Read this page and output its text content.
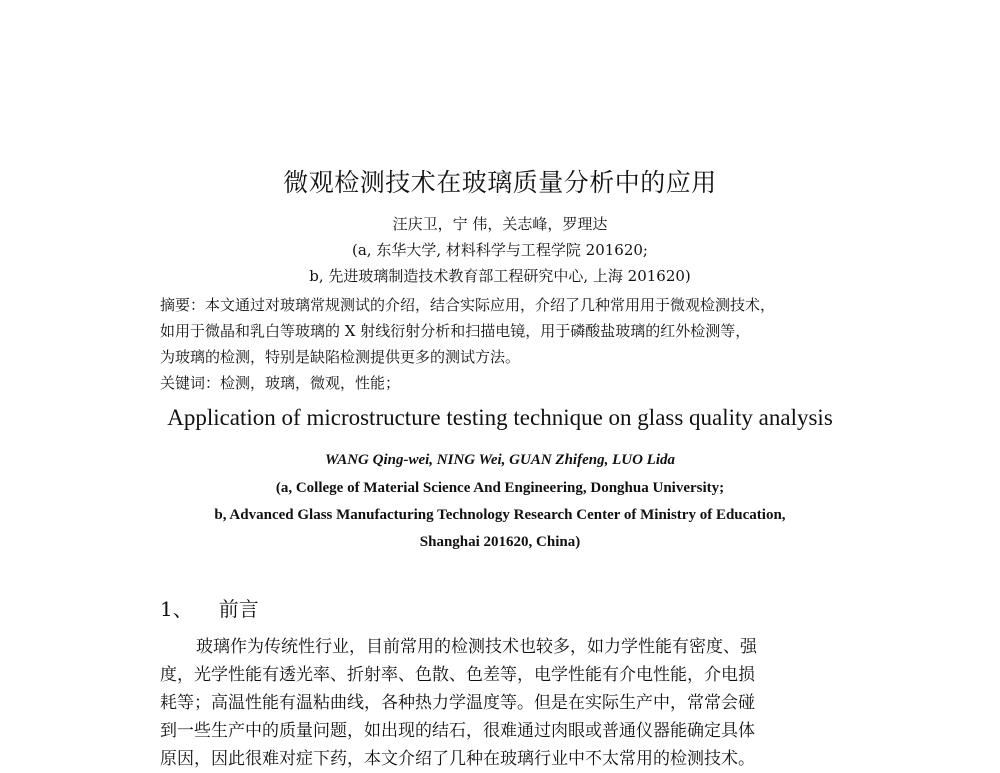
微观检测技术在玻璃质量分析中的应用
汪庆卫，宁 伟，关志峰，罗理达
(a, 东华大学, 材料科学与工程学院 201620;
b, 先进玻璃制造技术教育部工程研究中心, 上海 201620)
摘要：本文通过对玻璃常规测试的介绍，结合实际应用，介绍了几种常用用于微观检测技术，
如用于微晶和乳白等玻璃的 X 射线衍射分析和扫描电镜，用于磷酸盐玻璃的红外检测等，
为玻璃的检测，特别是缺陷检测提供更多的测试方法。
关键词：检测，玻璃，微观，性能；
Application of microstructure testing technique on glass quality analysis
WANG Qing-wei, NING Wei, GUAN Zhifeng, LUO Lida
(a, College of Material Science And Engineering, Donghua University;
b, Advanced Glass Manufacturing Technology Research Center of Ministry of Education,
Shanghai 201620, China)
1、 前言
玻璃作为传统性行业，目前常用的检测技术也较多，如力学性能有密度、强
度，光学性能有透光率、折射率、色散、色差等，电学性能有介电性能，介电损
耗等；高温性能有温粘曲线，各种热力学温度等。但是在实际生产中，常常会碰
到一些生产中的质量问题，如出现的结石，很难通过肉眼或普通仪器能确定具体
原因，因此很难对症下药，本文介绍了几种在玻璃行业中不太常用的检测技术。
